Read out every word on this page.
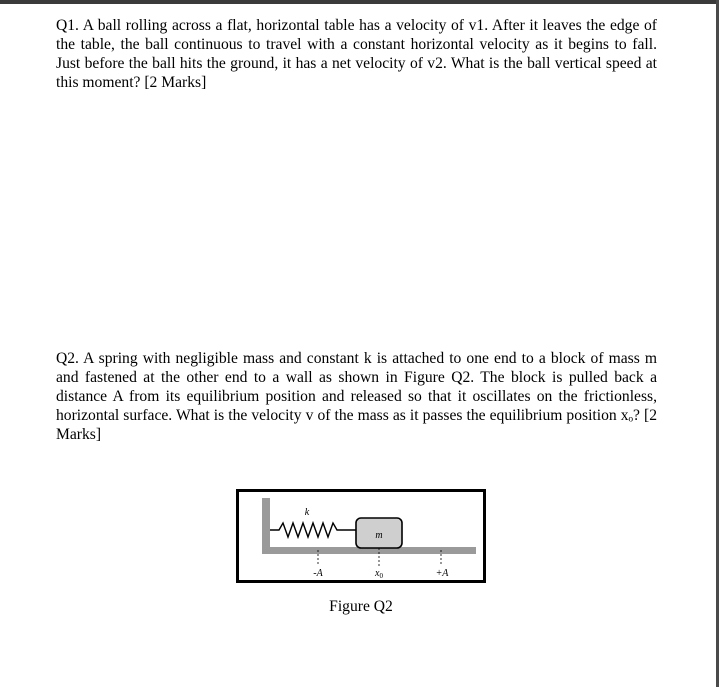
Q1. A ball rolling across a flat, horizontal table has a velocity of v1. After it leaves the edge of the table, the ball continuous to travel with a constant horizontal velocity as it begins to fall. Just before the ball hits the ground, it has a net velocity of v2. What is the ball vertical speed at this moment? [2 Marks]

Q2. A spring with negligible mass and constant k is attached to one end to a block of mass m and fastened at the other end to a wall as shown in Figure Q2. The block is pulled back a distance A from its equilibrium position and released so that it oscillates on the frictionless, horizontal surface. What is the velocity v of the mass as it passes the equilibrium position xₒ? [2 Marks]

k
m
-A	$x_0$	+A
Figure Q2
